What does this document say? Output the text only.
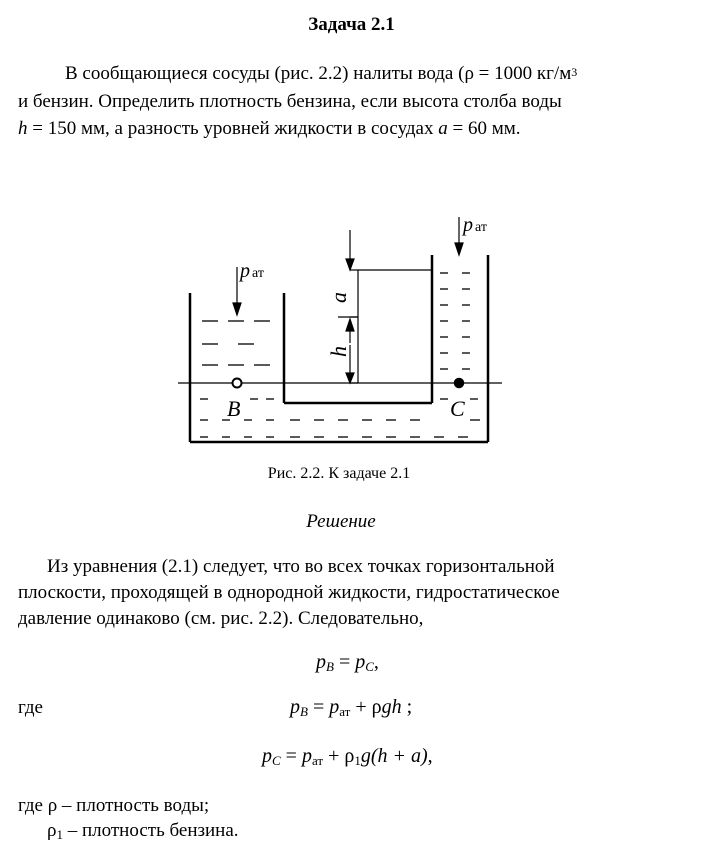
Задача 2.1
В сообщающиеся сосуды (рис. 2.2) налиты вода (ρ = 1000 $кг/м^3$
и бензин. Определить плотность бензина, если высота столба воды
h = 150 мм, а разность уровней жидкости в сосудах a = 60 мм.
p ат
p ат
a
h
B	C
Рис. 2.2. К задаче 2.1
Решение
Из уравнения (2.1) следует, что во всех точках горизонтальной
плоскости, проходящей в однородной жидкости, гидростатическое
давление одинаково (см. рис. 2.2). Следовательно,
$p_B = p_C$,
где	$p_B = p_{ат} + \rho gh$ ;
$p_C = p_{ат} + \rho_1g(h + a)$,
где ρ – плотность воды;
$\rho_1$ – плотность бензина.
